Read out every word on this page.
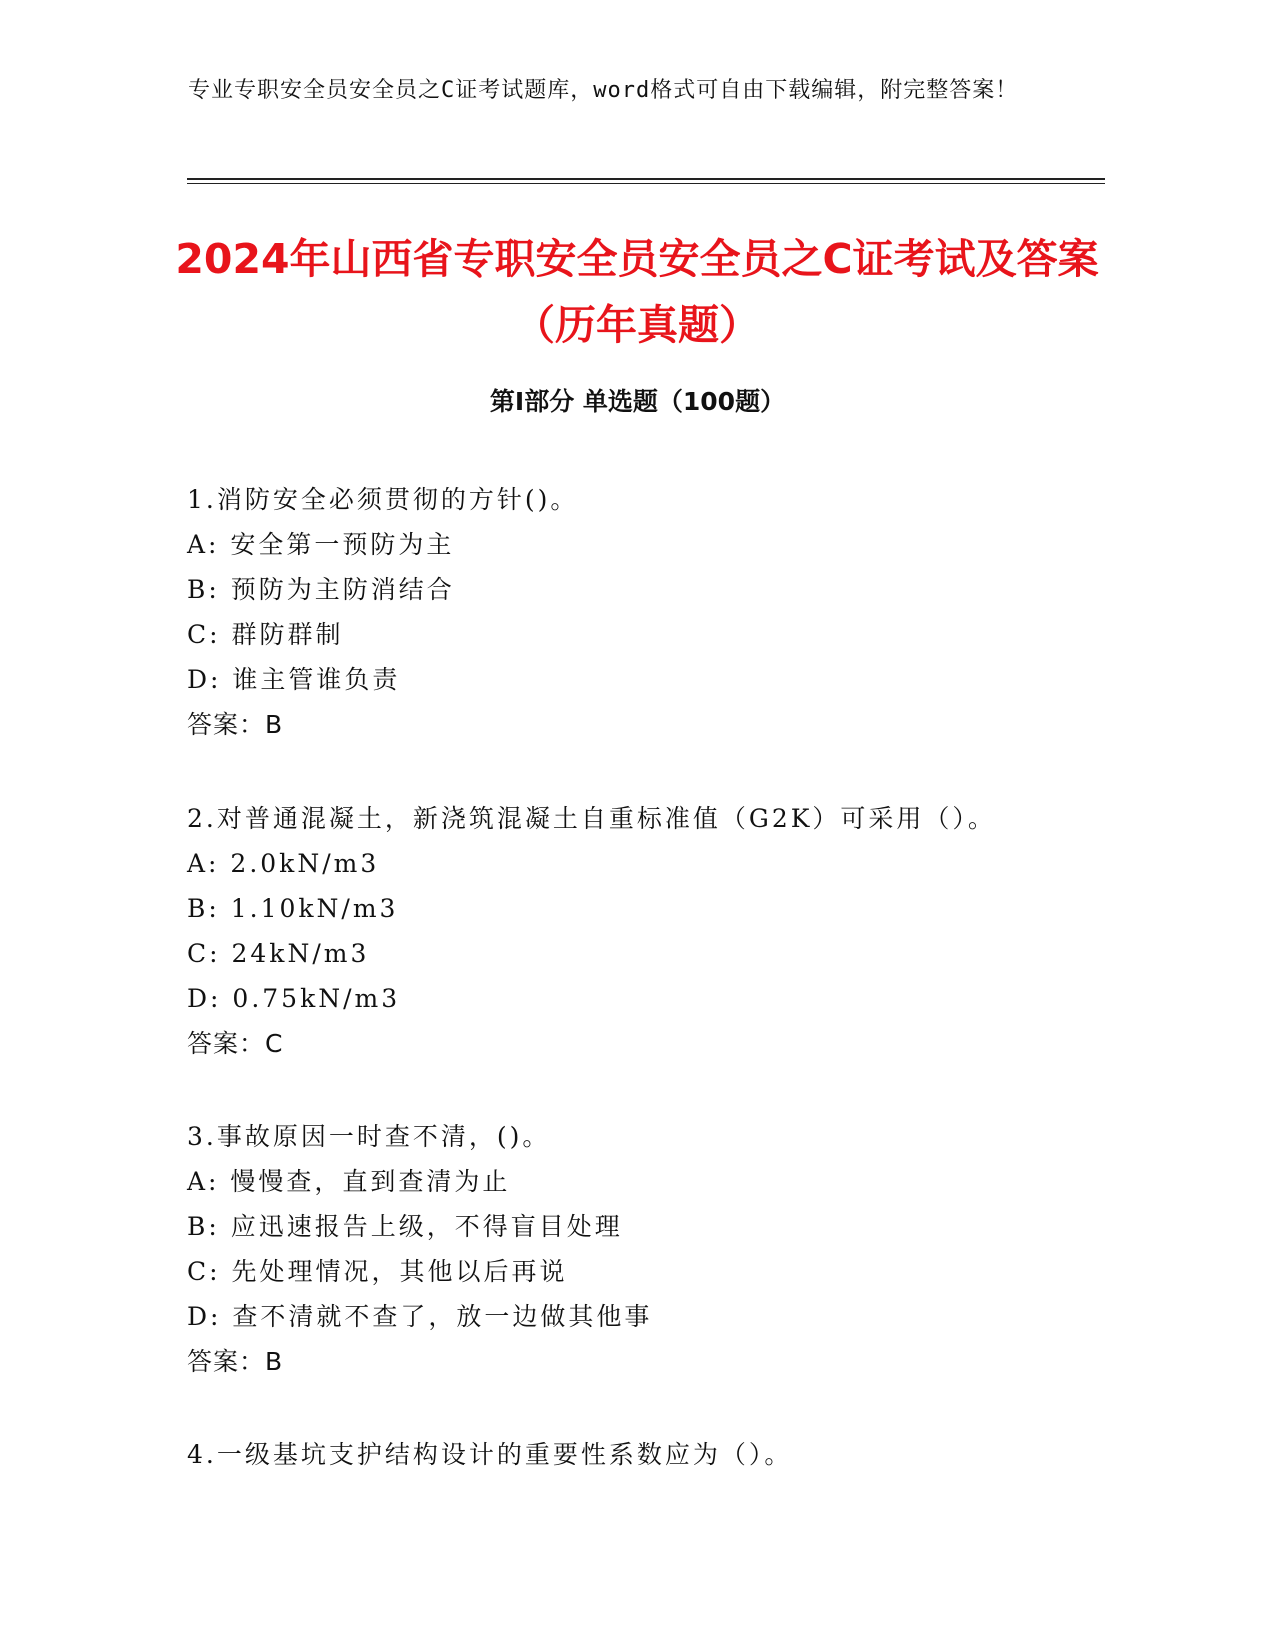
专业专职安全员安全员之C证考试题库，word格式可自由下载编辑，附完整答案！
2024年山西省专职安全员安全员之C证考试及答案（历年真题）
第Ⅰ部分 单选题（100题）
1.消防安全必须贯彻的方针()。
A: 安全第一预防为主
B: 预防为主防消结合
C: 群防群制
D: 谁主管谁负责
答案：B
2.对普通混凝土，新浇筑混凝土自重标准值（G2K）可采用（）。
A: 2.0kN/m3
B: 1.10kN/m3
C: 24kN/m3
D: 0.75kN/m3
答案：C
3.事故原因一时查不清，()。
A: 慢慢查，直到查清为止
B: 应迅速报告上级，不得盲目处理
C: 先处理情况，其他以后再说
D: 查不清就不查了，放一边做其他事
答案：B
4.一级基坑支护结构设计的重要性系数应为（）。
